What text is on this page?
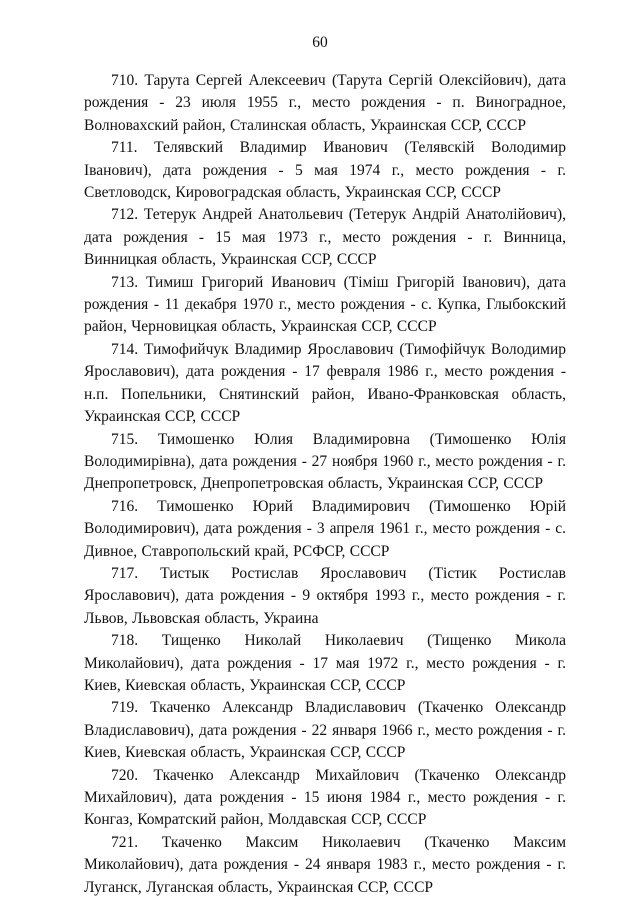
60

710. Тарута Сергей Алексеевич (Тарута Сергій Олексійович), дата рождения - 23 июля 1955 г., место рождения - п. Виноградное, Волноваxский район, Сталинская область, Украинская ССР, СССР

711. Телявский Владимир Иванович (Телявскій Володимир Іванович), дата рождения - 5 мая 1974 г., место рождения - г. Светловодск, Кировоградская область, Украинская ССР, СССР

712. Тетерук Андрей Анатольевич (Тетерук Андрій Анатолійович), дата рождения - 15 мая 1973 г., место рождения - г. Винница, Винницкая область, Украинская ССР, СССР

713. Тимиш Григорий Иванович (Тіміш Григорій Іванович), дата рождения - 11 декабря 1970 г., место рождения - с. Купка, Глыбокский район, Черновицкая область, Украинская ССР, СССР

714. Тимофийчук Владимир Ярославович (Тимофійчук Володимир Ярославович), дата рождения - 17 февраля 1986 г., место рождения - н.п. Попельники, Снятинский район, Ивано-Франковская область, Украинская ССР, СССР

715. Тимошенко Юлия Владимировна (Тимошенко Юлія Володимирівна), дата рождения - 27 ноября 1960 г., место рождения - г. Днепропетровск, Днепропетровская область, Украинская ССР, СССР

716. Тимошенко Юрий Владимирович (Тимошенко Юрій Володимирович), дата рождения - 3 апреля 1961 г., место рождения - с. Дивное, Ставропольский край, РСФСР, СССР

717. Тистык Ростислав Ярославович (Тістик Ростислав Ярославович), дата рождения - 9 октября 1993 г., место рождения - г. Львов, Львовская область, Украина

718. Тищенко Николай Николаевич (Тищенко Микола Миколайович), дата рождения - 17 мая 1972 г., место рождения - г. Киев, Киевская область, Украинская ССР, СССР

719. Ткаченко Александр Владиславович (Ткаченко Олександр Владиславович), дата рождения - 22 января 1966 г., место рождения - г. Киев, Киевская область, Украинская ССР, СССР

720. Ткаченко Александр Михайлович (Ткаченко Олександр Михайлович), дата рождения - 15 июня 1984 г., место рождения - г. Конгаз, Комратский район, Молдавская ССР, СССР

721. Ткаченко Максим Николаевич (Ткаченко Максим Миколайович), дата рождения - 24 января 1983 г., место рождения - г. Луганск, Луганская область, Украинская ССР, СССР
